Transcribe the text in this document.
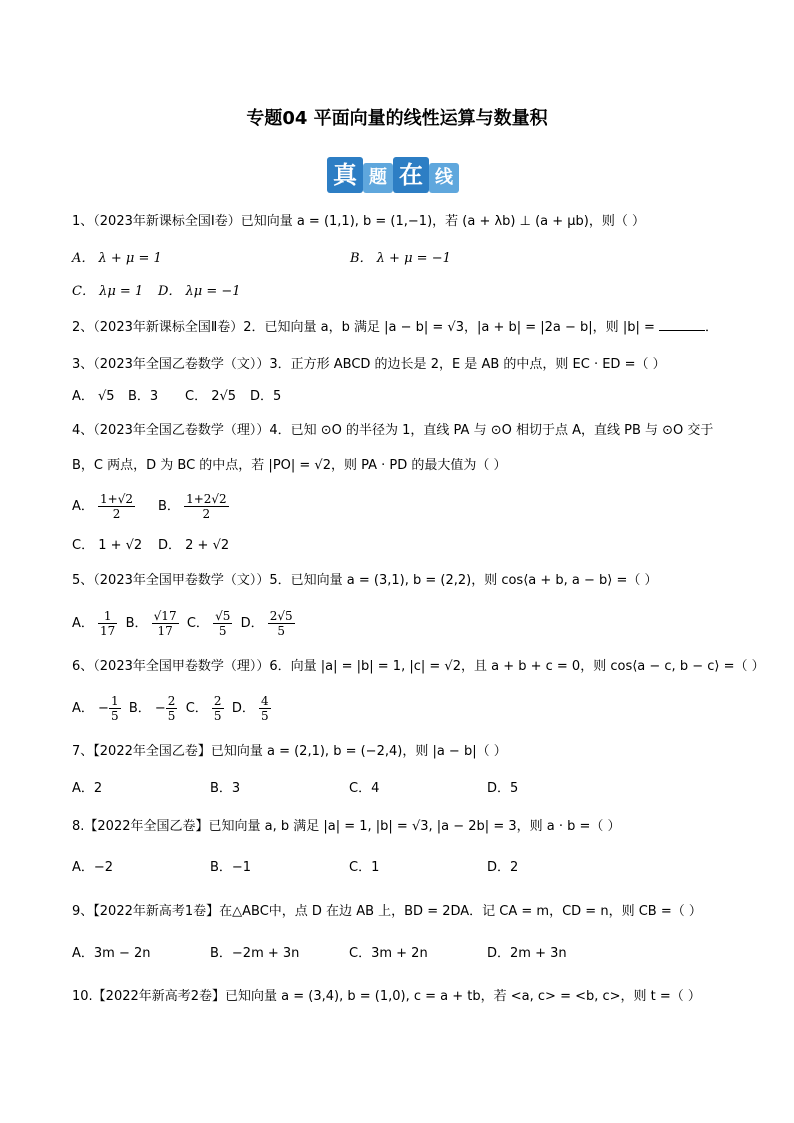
专题04 平面向量的线性运算与数量积
真 题 在 线
1、（2023年新课标全国Ⅰ卷）已知向量 a = (1,1), b = (1,−1)，若 (a + λb) ⊥ (a + μb)，则（ ）
A． λ + μ = 1	B． λ + μ = −1
C． λμ = 1 D． λμ = −1
2、（2023年新课标全国Ⅱ卷）2．已知向量 a，b 满足 |a − b| = √3，|a + b| = |2a − b|，则 |b| =	．
3、（2023年全国乙卷数学（文））3．正方形 ABCD 的边长是 2，E 是 AB 的中点，则 EC · ED =（ ）
A． √5 B．3 C． 2√5 D．5
4、（2023年全国乙卷数学（理））4．已知 ⊙O 的半径为 1，直线 PA 与 ⊙O 相切于点 A，直线 PB 与 ⊙O 交于
B，C 两点，D 为 BC 的中点，若 |PO| = √2，则 PA · PD 的最大值为（ ）
A． $\frac{1+√2}{2}$ B． $\frac{1+2√2}{2}$
C． 1 + √2 D． 2 + √2
5、（2023年全国甲卷数学（文））5．已知向量 a = (3,1), b = (2,2)，则 cos⟨a + b, a − b⟩ =（ ）
A． $\frac{1}{17}$ B． $\frac{√17}{17}$ C． $\frac{√5}{5}$ D． $\frac{2√5}{5}$
6、（2023年全国甲卷数学（理））6．向量 |a| = |b| = 1, |c| = √2，且 a + b + c = 0，则 cos⟨a − c, b − c⟩ =（ ）
A． − $\frac{1}{5}$ B． − $\frac{2}{5}$ C． $\frac{2}{5}$ D． $\frac{4}{5}$
7、【2022年全国乙卷】已知向量 a = (2,1), b = (−2,4)，则 |a − b|（ ）
A．2	B．3	C．4	D．5
8.【2022年全国乙卷】已知向量 a, b 满足 |a| = 1, |b| = √3, |a − 2b| = 3，则 a · b =（ ）
A．−2	B．−1	C．1	D．2
9、【2022年新高考1卷】在△ABC中，点 D 在边 AB 上，BD = 2DA．记 CA = m，CD = n，则 CB =（ ）
A．3m − 2n	B．−2m + 3n	C．3m + 2n	D．2m + 3n
10.【2022年新高考2卷】已知向量 a = (3,4), b = (1,0), c = a + tb，若 <a, c> = <b, c>，则 t =（ ）
